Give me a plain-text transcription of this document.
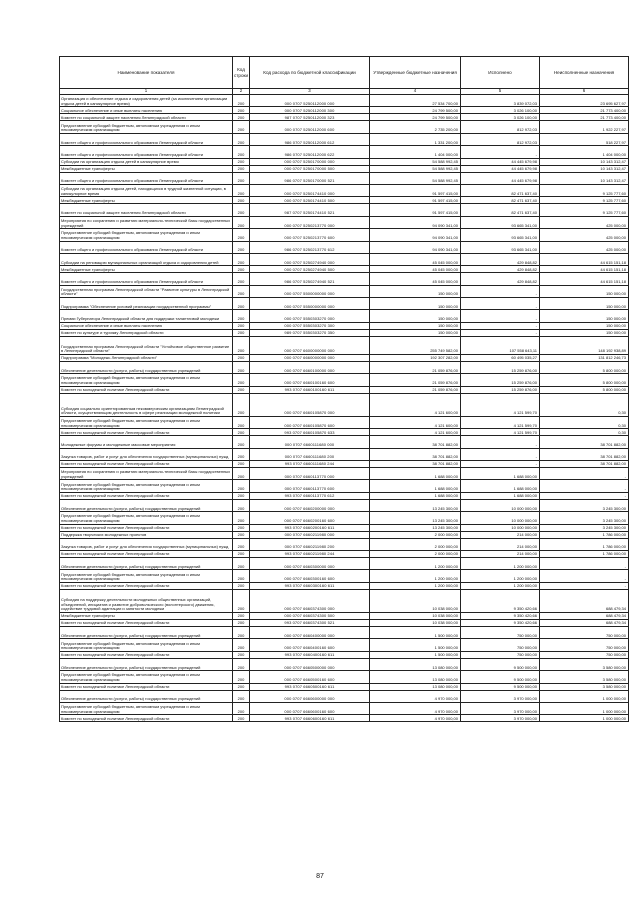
Наименование показателя	Код строки	Код расхода по бюджетной классификации	Утвержденные бюджетные назначения	Исполнено	Неисполненные назначения
1	2	3	4	5	6
Организация и обеспечение отдыха и оздоровления детей (за исключением организации отдыха детей в каникулярное время)	200	000 0707 5250112000 000	27 534 700,00	3 839 072,03	23 695 627,97
Социальное обеспечение и иные выплаты населению	200	000 0707 5250112000 300	24 799 500,00	3 026 100,00	21 773 400,00
Комитет по социальной защите населения Ленинградской области	200	987 0707 5250112000 323	24 799 500,00	3 026 100,00	21 773 400,00
Предоставление субсидий бюджетным, автономным учреждениям и иным некоммерческим организациям	200	000 0707 5250112000 600	2 735 200,00	812 972,03	1 922 227,97
Комитет общего и профессионального образования Ленинградской области	200	986 0707 5250112000 612	1 331 200,00	812 972,03	518 227,97
Комитет общего и профессионального образования Ленинградской области	200	986 0707 5250112000 622	1 404 000,00	-	1 404 000,00
Субсидии на организацию отдыха детей в каникулярное время	200	000 0707 5250170000 000	54 588 992,45	44 445 679,98	10 143 312,47
Межбюджетные трансферты	200	000 0707 5250170000 500	54 588 992,45	44 445 679,98	10 143 312,47
Комитет общего и профессионального образования Ленинградской области	200	986 0707 5250170000 521	54 588 992,45	44 445 679,98	10 143 312,47
Субсидии на организацию отдыха детей, находящихся в трудной жизненной ситуации, в каникулярное время	200	000 0707 5250174410 000	91 597 415,00	82 471 637,40	9 125 777,60
Межбюджетные трансферты	200	000 0707 5250174410 500	91 597 415,00	82 471 637,40	9 125 777,60
Комитет по социальной защите населения Ленинградской области	200	987 0707 5250174410 521	91 597 415,00	82 471 637,40	9 125 777,60
Мероприятия по сохранению и развитию материально-технической базы государственных учреждений	200	000 0707 5250213770 000	94 090 341,00	93 665 341,00	425 000,00
Предоставление субсидий бюджетным, автономным учреждениям и иным некоммерческим организациям	200	000 0707 5250213770 600	94 090 341,00	93 665 341,00	425 000,00
Комитет общего и профессионального образования Ленинградской области	200	986 0707 5250213770 612	94 090 341,00	93 665 341,00	425 000,00
Субсидии на реновацию муниципальных организаций отдыха и оздоровления детей	200	000 0707 5250274940 000	45 045 000,00	429 848,82	44 615 151,18
Межбюджетные трансферты	200	000 0707 5250274940 500	45 045 000,00	429 848,82	44 615 151,18
Комитет общего и профессионального образования Ленинградской области	200	986 0707 5250274940 521	45 045 000,00	429 848,82	44 615 151,18
Государственная программа Ленинградской области "Развитие культуры в Ленинградской области"	200	000 0707 5500000000 000	150 000,00	-	150 000,00
Подпрограмма "Обеспечение условий реализации государственной программы"	200	000 0707 5550000000 000	150 000,00	-	150 000,00
Премии Губернатора Ленинградской области для поддержки талантливой молодежи	200	000 0707 5550303270 000	150 000,00	-	150 000,00
Социальное обеспечение и иные выплаты населению	200	000 0707 5550303270 300	150 000,00	-	150 000,00
Комитет по культуре и туризму Ленинградской области	200	989 0707 5550303270 350	150 000,00	-	150 000,00
Государственная программа Ленинградской области "Устойчивое общественное развитие в Ленинградской области"	200	000 0707 6600000000 000	255 749 582,00	107 558 643,11	148 192 938,89
Подпрограмма "Молодежь Ленинградской области"	200	000 0707 6660000000 000	192 307 282,00	60 495 035,27	131 812 246,73
Обеспечение деятельности (услуги, работы) государственных учреждений	200	000 0707 6660100000 000	21 059 876,00	15 259 876,00	5 800 000,00
Предоставление субсидий бюджетным, автономным учреждениям и иным некоммерческим организациям	200	000 0707 6660100160 600	21 059 876,00	15 259 876,00	5 800 000,00
Комитет по молодежной политике Ленинградской области	200	993 0707 6660100160 611	21 059 876,00	15 259 876,00	5 800 000,00
Субсидия социально ориентированным некоммерческим организациям Ленинградской области, осуществляющим деятельность в сфере реализации молодежной политики	200	000 0707 6660105870 000	4 121 600,00	4 121 599,70	0,30
Предоставление субсидий бюджетным, автономным учреждениям и иным некоммерческим организациям	200	000 0707 6660105870 600	4 121 600,00	4 121 599,70	0,30
Комитет по молодежной политике Ленинградской области	200	993 0707 6660105870 633	4 121 600,00	4 121 599,70	0,30
Молодежные форумы и молодежные массовые мероприятия	200	000 0707 6660111680 000	38 701 882,00	-	38 701 882,00
Закупка товаров, работ и услуг для обеспечения государственных (муниципальных) нужд	200	000 0707 6660111680 200	38 701 882,00	-	38 701 882,00
Комитет по молодежной политике Ленинградской области	200	993 0707 6660111680 244	38 701 882,00	-	38 701 882,00
Мероприятия по сохранению и развитию материально-технической базы государственных учреждений	200	000 0707 6660113770 000	1 688 000,00	1 688 000,00	-
Предоставление субсидий бюджетным, автономным учреждениям и иным некоммерческим организациям	200	000 0707 6660113770 600	1 688 000,00	1 688 000,00	-
Комитет по молодежной политике Ленинградской области	200	993 0707 6660113770 612	1 688 000,00	1 688 000,00	-
Обеспечение деятельности (услуги, работы) государственных учреждений	200	000 0707 6660200000 000	13 245 300,00	10 000 000,00	3 245 300,00
Предоставление субсидий бюджетным, автономным учреждениям и иным некоммерческим организациям	200	000 0707 6660200160 600	13 245 300,00	10 000 000,00	3 245 300,00
Комитет по молодежной политике Ленинградской области	200	993 0707 6660200160 611	13 245 300,00	10 000 000,00	3 245 300,00
Поддержка творческих молодежных проектов	200	000 0707 6660211980 000	2 000 000,00	214 000,00	1 786 000,00
Закупка товаров, работ и услуг для обеспечения государственных (муниципальных) нужд	200	000 0707 6660211980 200	2 000 000,00	214 000,00	1 786 000,00
Комитет по молодежной политике Ленинградской области	200	993 0707 6660211980 244	2 000 000,00	214 000,00	1 786 000,00
Обеспечение деятельности (услуги, работы) государственных учреждений	200	000 0707 6660300000 000	1 200 000,00	1 200 000,00	-
Предоставление субсидий бюджетным, автономным учреждениям и иным некоммерческим организациям	200	000 0707 6660300160 600	1 200 000,00	1 200 000,00	-
Комитет по молодежной политике Ленинградской области	200	993 0707 6660300160 611	1 200 000,00	1 200 000,00	-
Субсидия на поддержку деятельности молодежных общественных организаций, объединений, инициатив и развитие добровольческого (волонтерского) движения, содействие трудовой адаптации и занятости молодежи	200	000 0707 6660374300 000	10 038 000,00	9 350 420,66	688 479,34
Межбюджетные трансферты	200	000 0707 6660374300 500	10 038 000,00	9 350 420,66	688 479,34
Комитет по молодежной политике Ленинградской области	200	993 0707 6660374300 521	10 038 000,00	9 350 420,66	688 479,34
Обеспечение деятельности (услуги, работы) государственных учреждений	200	000 0707 6660400000 000	1 500 000,00	750 000,00	750 000,00
Предоставление субсидий бюджетным, автономным учреждениям и иным некоммерческим организациям	200	000 0707 6660400160 600	1 500 000,00	750 000,00	750 000,00
Комитет по молодежной политике Ленинградской области	200	993 0707 6660400160 611	1 500 000,00	750 000,00	750 000,00
Обеспечение деятельности (услуги, работы) государственных учреждений	200	000 0707 6660500000 000	13 080 000,00	9 500 000,00	3 580 000,00
Предоставление субсидий бюджетным, автономным учреждениям и иным некоммерческим организациям	200	000 0707 6660500160 600	13 080 000,00	9 500 000,00	3 580 000,00
Комитет по молодежной политике Ленинградской области	200	993 0707 6660500160 611	13 080 000,00	9 500 000,00	3 580 000,00
Обеспечение деятельности (услуги, работы) государственных учреждений	200	000 0707 6660600000 000	4 970 000,00	3 970 000,00	1 000 000,00
Предоставление субсидий бюджетным, автономным учреждениям и иным некоммерческим организациям	200	000 0707 6660600160 600	4 970 000,00	3 970 000,00	1 000 000,00
Комитет по молодежной политике Ленинградской области	200	993 0707 6660600160 611	4 970 000,00	3 970 000,00	1 000 000,00
87
